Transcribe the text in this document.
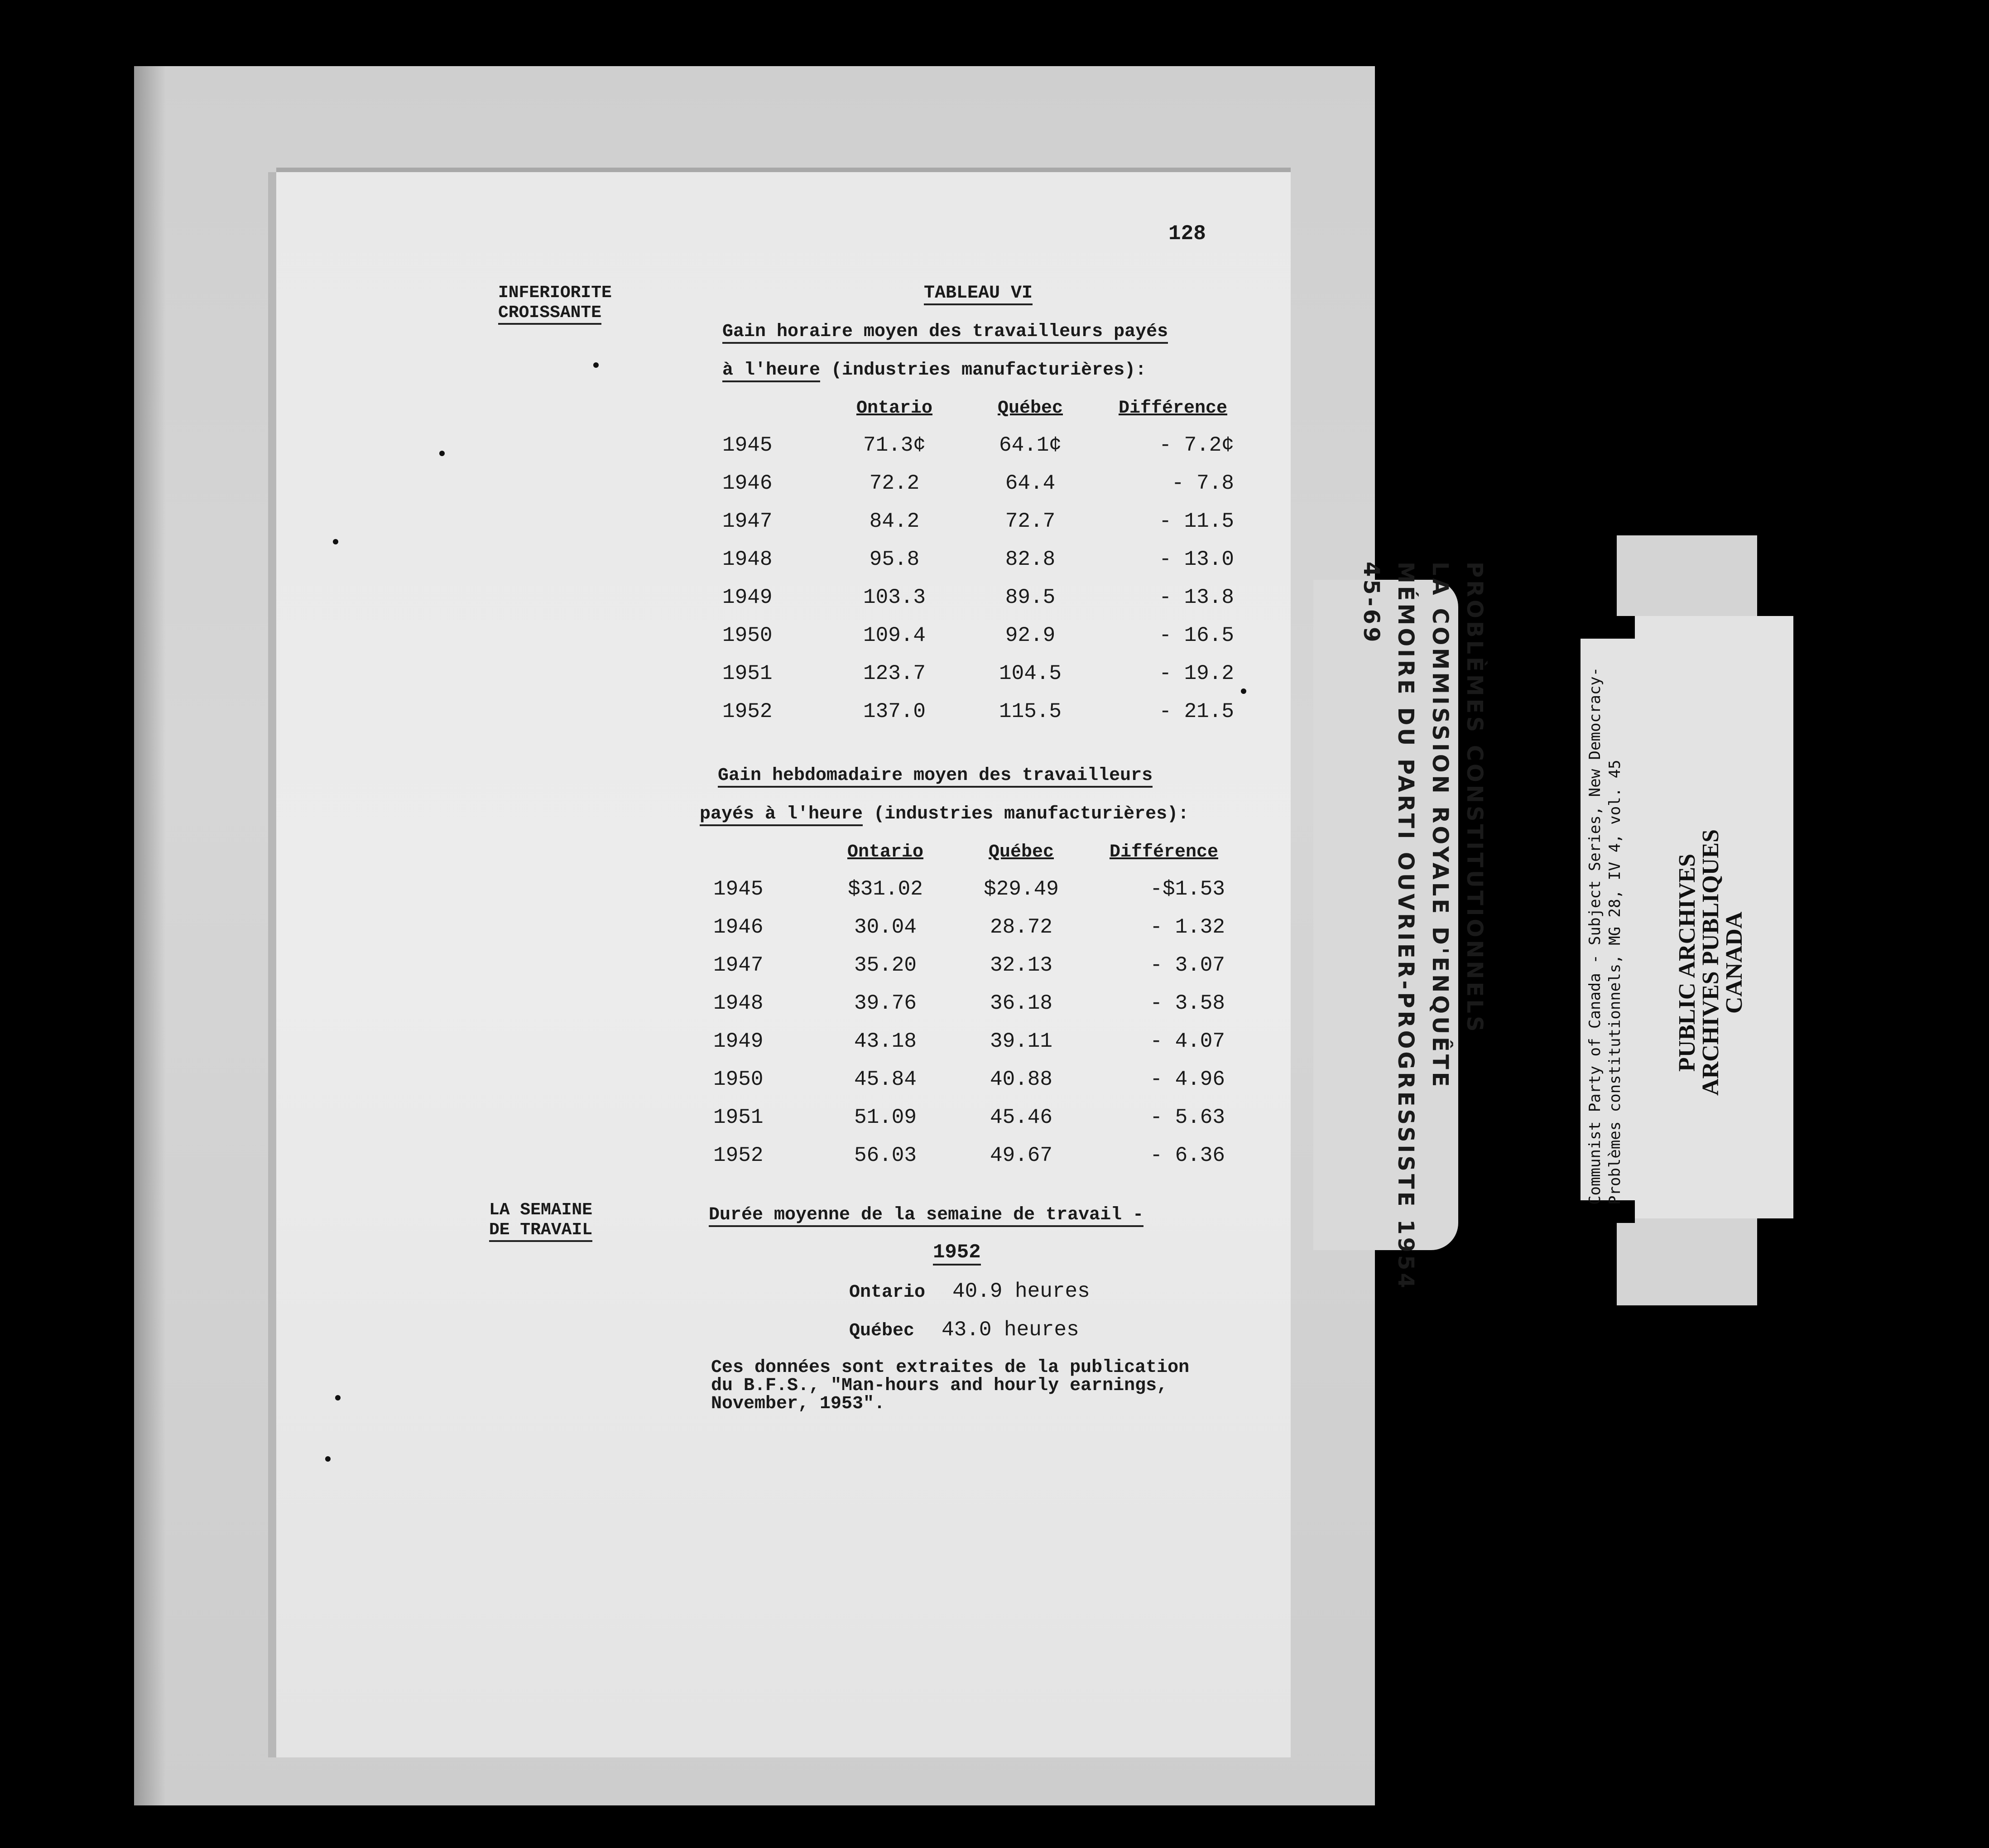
128
INFERIORITE
CROISSANTE
TABLEAU VI
Gain horaire moyen des travailleurs payés
à l'heure (industries manufacturières):
	Ontario	Québec	Différence
1945	71.3¢	64.1¢	- 7.2¢
1946	72.2	64.4	- 7.8
1947	84.2	72.7	- 11.5
1948	95.8	82.8	- 13.0
1949	103.3	89.5	- 13.8
1950	109.4	92.9	- 16.5
1951	123.7	104.5	- 19.2
1952	137.0	115.5	- 21.5
Gain hebdomadaire moyen des travailleurs
payés à l'heure (industries manufacturières):
	Ontario	Québec	Différence
1945	$31.02	$29.49	-$1.53
1946	30.04	28.72	- 1.32
1947	35.20	32.13	- 3.07
1948	39.76	36.18	- 3.58
1949	43.18	39.11	- 4.07
1950	45.84	40.88	- 4.96
1951	51.09	45.46	- 5.63
1952	56.03	49.67	- 6.36
LA SEMAINE
DE TRAVAIL
Durée moyenne de la semaine de travail -
1952
Ontario 40.9 heures
Québec 43.0 heures
Ces données sont extraites de la publication
du B.F.S., "Man-hours and hourly earnings,
November, 1953".
PROBLÈMES CONSTITUTIONNELS
LA COMMISSION ROYALE D'ENQUÊTE
MÉMOIRE DU PARTI OUVRIER-PROGRESSISTE 1954
45-69
Communist Party of Canada - Subject Series, New Democracy- Problèmes constitutionnels, MG 28, IV 4, vol. 45 PUBLIC ARCHIVES
ARCHIVES PUBLIQUES
CANADA
